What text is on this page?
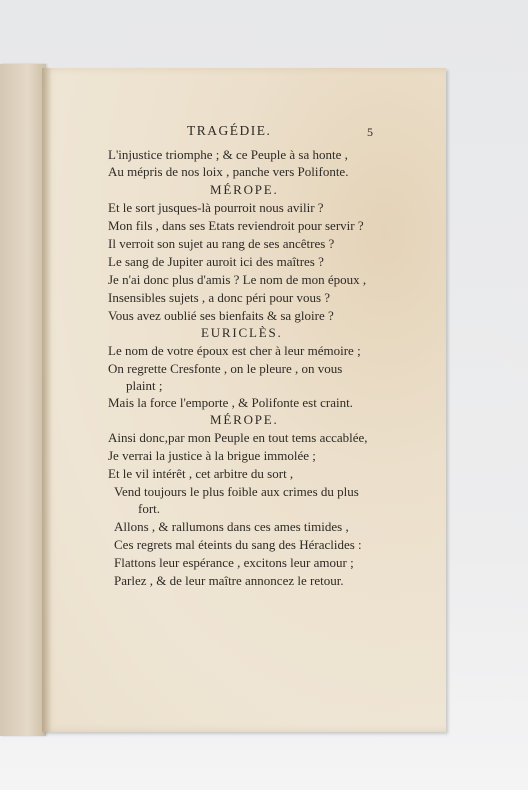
TRAGÉDIE.	5
L'injustice triomphe ; & ce Peuple à sa honte ,
Au mépris de nos loix , panche vers Polifonte.
MÉROPE.
Et le sort jusques-là pourroit nous avilir ?
Mon fils , dans ses Etats reviendroit pour servir ?
Il verroit son sujet au rang de ses ancêtres ?
Le sang de Jupiter auroit ici des maîtres ?
Je n'ai donc plus d'amis ? Le nom de mon époux ,
Insensibles sujets , a donc péri pour vous ?
Vous avez oublié ses bienfaits & sa gloire ?
EURICLÈS.
Le nom de votre époux est cher à leur mémoire ;
On regrette Cresfonte , on le pleure , on vous
plaint ;
Mais la force l'emporte , & Polifonte est craint.
MÉROPE.
Ainsi donc,par mon Peuple en tout tems accablée,
Je verrai la justice à la brigue immolée ;
Et le vil intérêt , cet arbitre du sort ,
Vend toujours le plus foible aux crimes du plus
fort.
Allons , & rallumons dans ces ames timides ,
Ces regrets mal éteints du sang des Héraclides :
Flattons leur espérance , excitons leur amour ;
Parlez , & de leur maître annoncez le retour.
